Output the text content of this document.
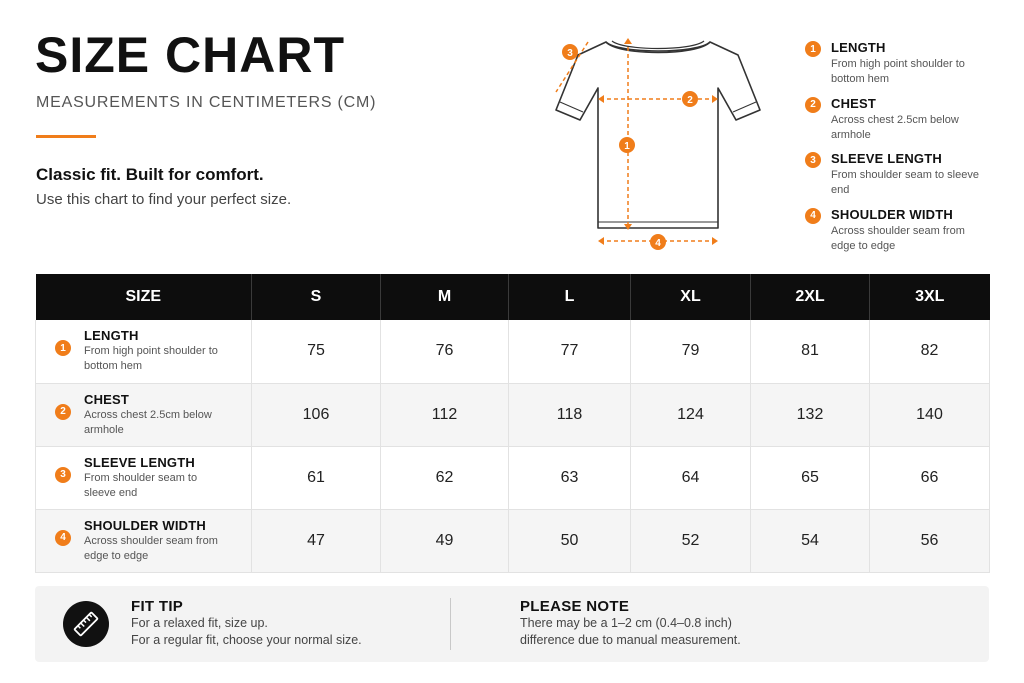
SIZE CHART
MEASUREMENTS IN CENTIMETERS (CM)
Classic fit. Built for comfort.
Use this chart to find your perfect size.
1
2
3
4
1	LENGTH
From high point shoulder to bottom hem
2	CHEST
Across chest 2.5cm below armhole
3	SLEEVE LENGTH
From shoulder seam to sleeve end
4	SHOULDER WIDTH
Across shoulder seam from edge to edge
SIZE	S	M	L	XL	2XL	3XL

1
LENGTH
From high point shoulder to bottom hem	75	76	77	79	81	82

2
CHEST
Across chest 2.5cm below armhole	106	112	118	124	132	140

3
SLEEVE LENGTH
From shoulder seam to sleeve end	61	62	63	64	65	66

4
SHOULDER WIDTH
Across shoulder seam from edge to edge	47	49	50	52	54	56
FIT TIP
For a relaxed fit, size up.
For a regular fit, choose your normal size.
PLEASE NOTE
There may be a 1–2 cm (0.4–0.8 inch)
difference due to manual measurement.
